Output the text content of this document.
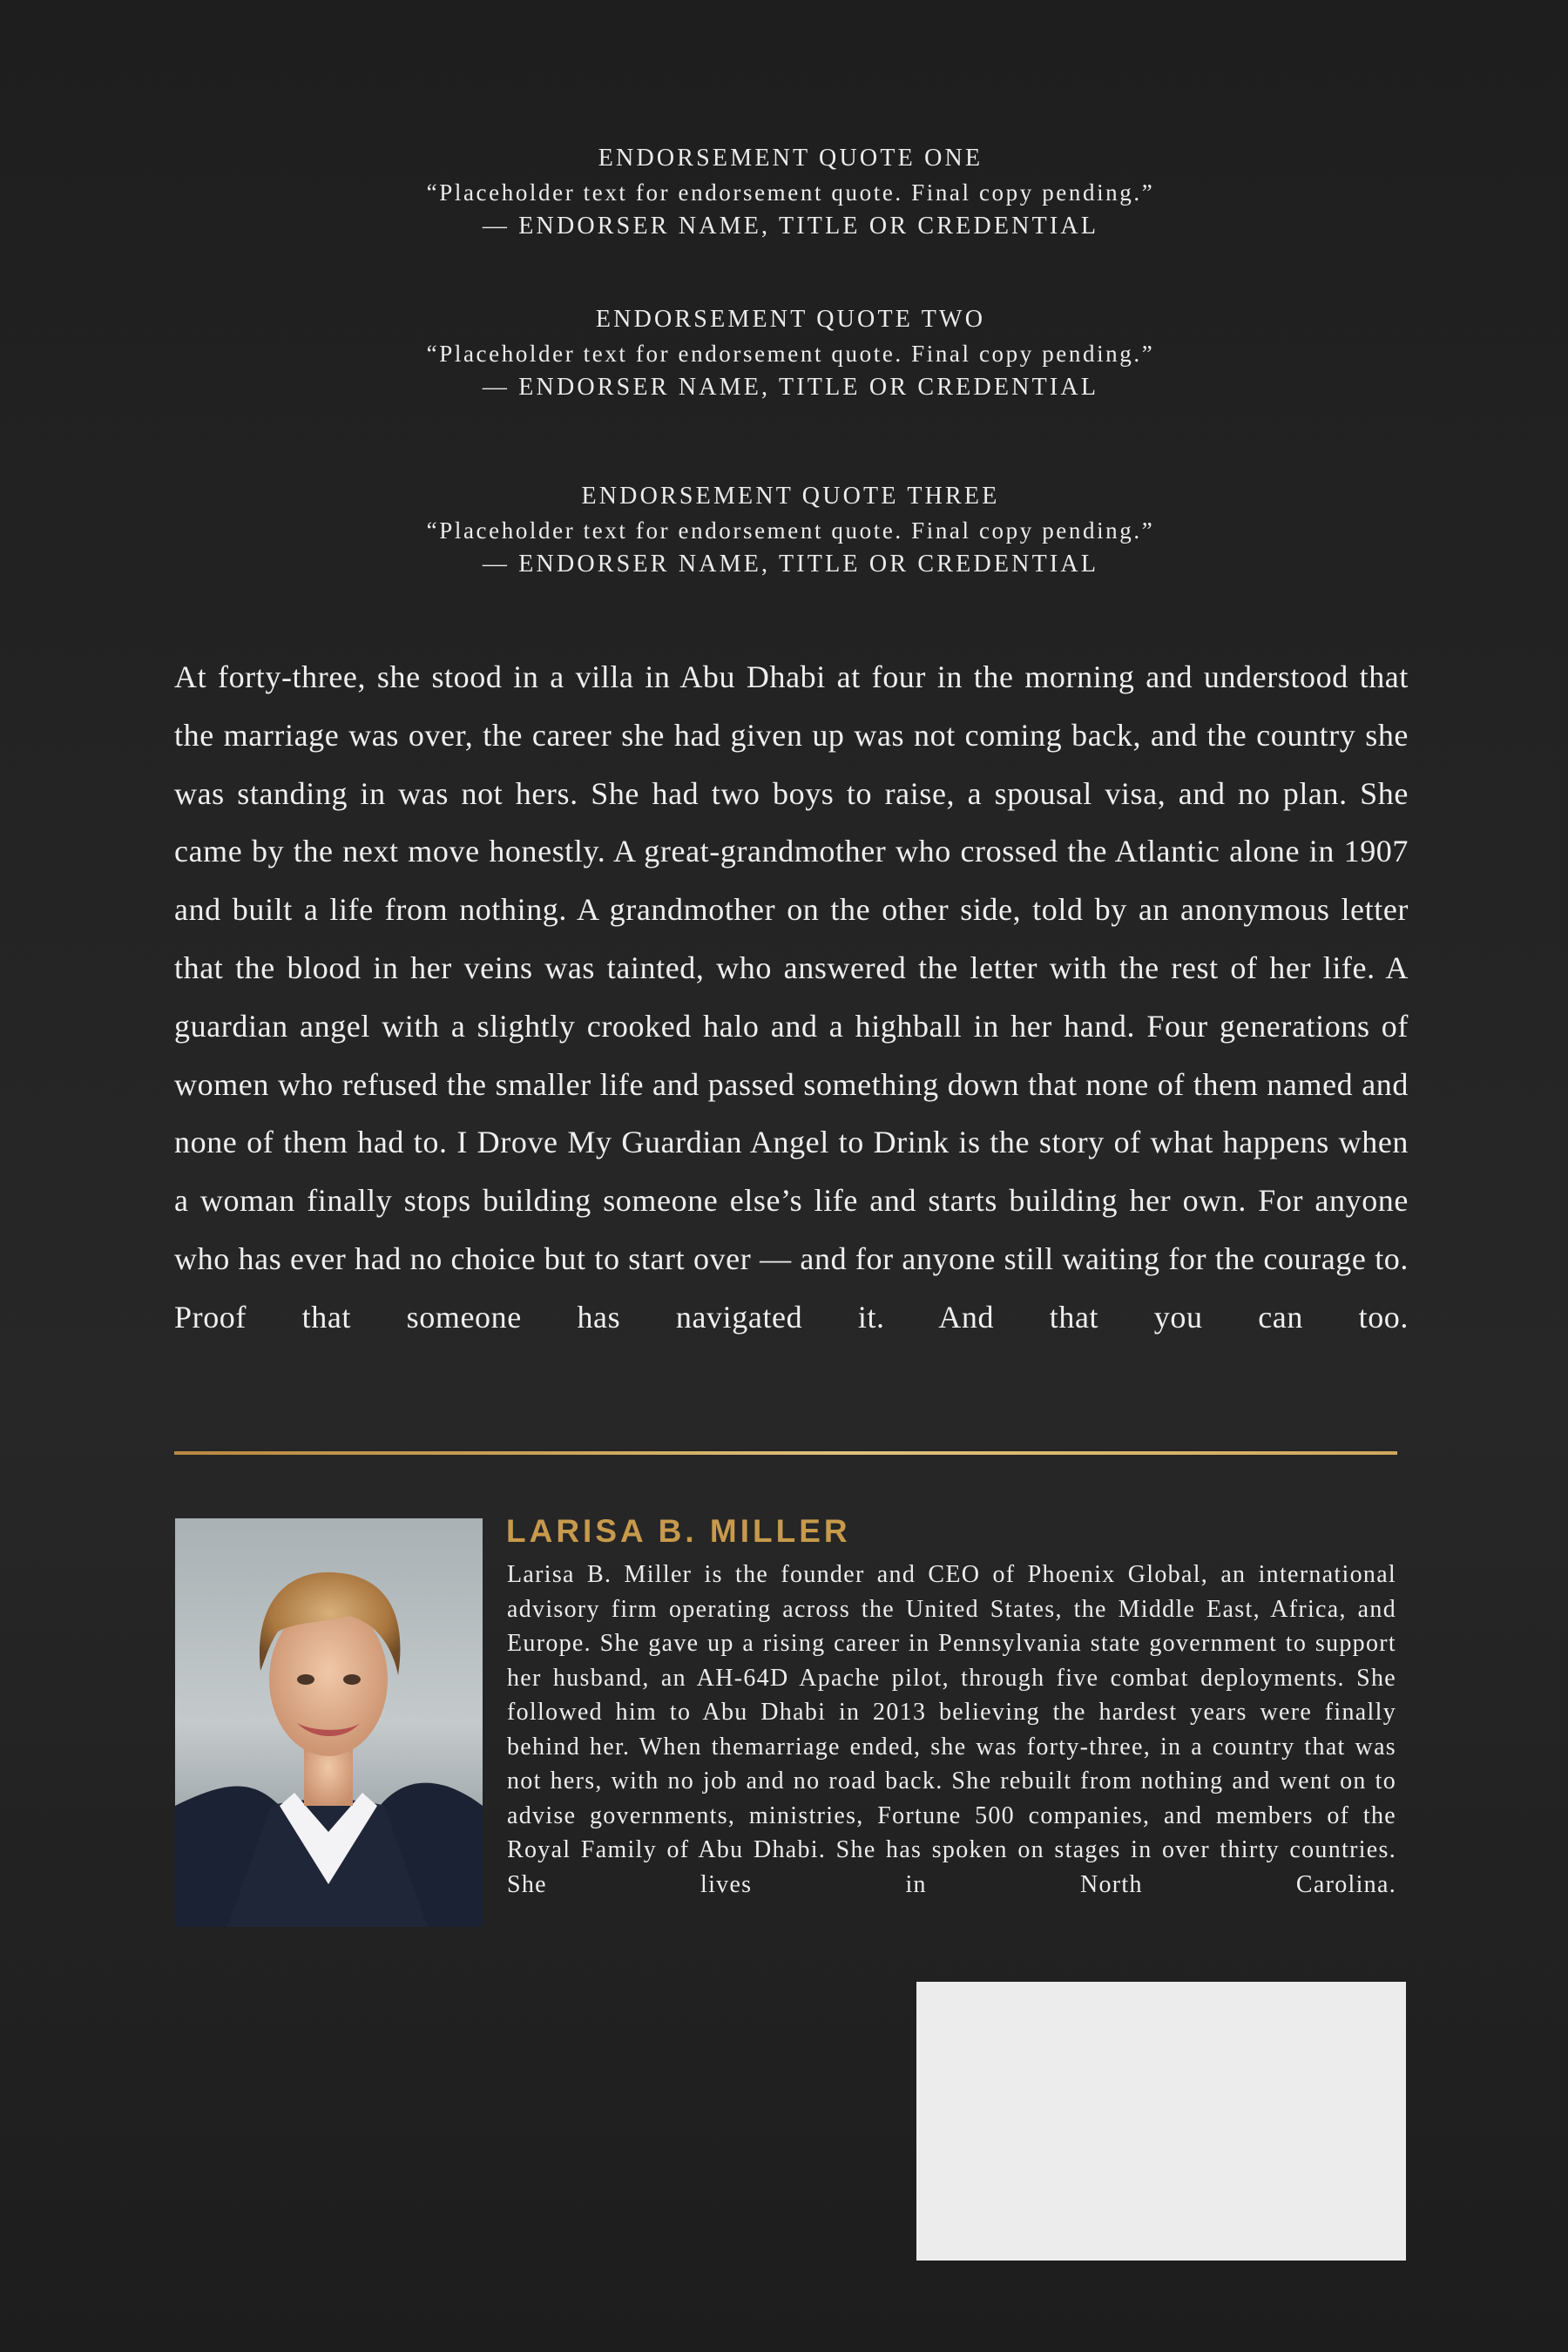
ENDORSEMENT QUOTE ONE
“Placeholder text for endorsement quote. Final copy pending.”
— ENDORSER NAME, TITLE OR CREDENTIAL
ENDORSEMENT QUOTE TWO
“Placeholder text for endorsement quote. Final copy pending.”
— ENDORSER NAME, TITLE OR CREDENTIAL
ENDORSEMENT QUOTE THREE
“Placeholder text for endorsement quote. Final copy pending.”
— ENDORSER NAME, TITLE OR CREDENTIAL
At forty-three, she stood in a villa in Abu Dhabi at four in the morning and understood that the marriage was over, the career she had given up was not coming back, and the country she was standing in was not hers. She had two boys to raise, a spousal visa, and no plan. She came by the next move honestly. A great-grandmother who crossed the Atlantic alone in 1907 and built a life from nothing. A grandmother on the other side, told by an anonymous letter that the blood in her veins was tainted, who answered the letter with the rest of her life. A guardian angel with a slightly crooked halo and a highball in her hand. Four generations of women who refused the smaller life and passed something down that none of them named and none of them had to. I Drove My Guardian Angel to Drink is the story of what happens when a woman finally stops building someone else’s life and starts building her own. For anyone who has ever had no choice but to start over — and for anyone still waiting for the courage to. Proof that someone has navigated it. And that you can too.
LARISA B. MILLER
Larisa B. Miller is the founder and CEO of Phoenix Global, an international advisory firm operating across the United States, the Middle East, Africa, and Europe. She gave up a rising career in Pennsylvania state government to support her husband, an AH-64D Apache pilot, through five combat deployments. She followed him to Abu Dhabi in 2013 believing the hardest years were finally behind her. When themarriage ended, she was forty-three, in a country that was not hers, with no job and no road back. She rebuilt from nothing and went on to advise governments, ministries, Fortune 500 companies, and members of the Royal Family of Abu Dhabi. She has spoken on stages in over thirty countries. She lives in North Carolina.
